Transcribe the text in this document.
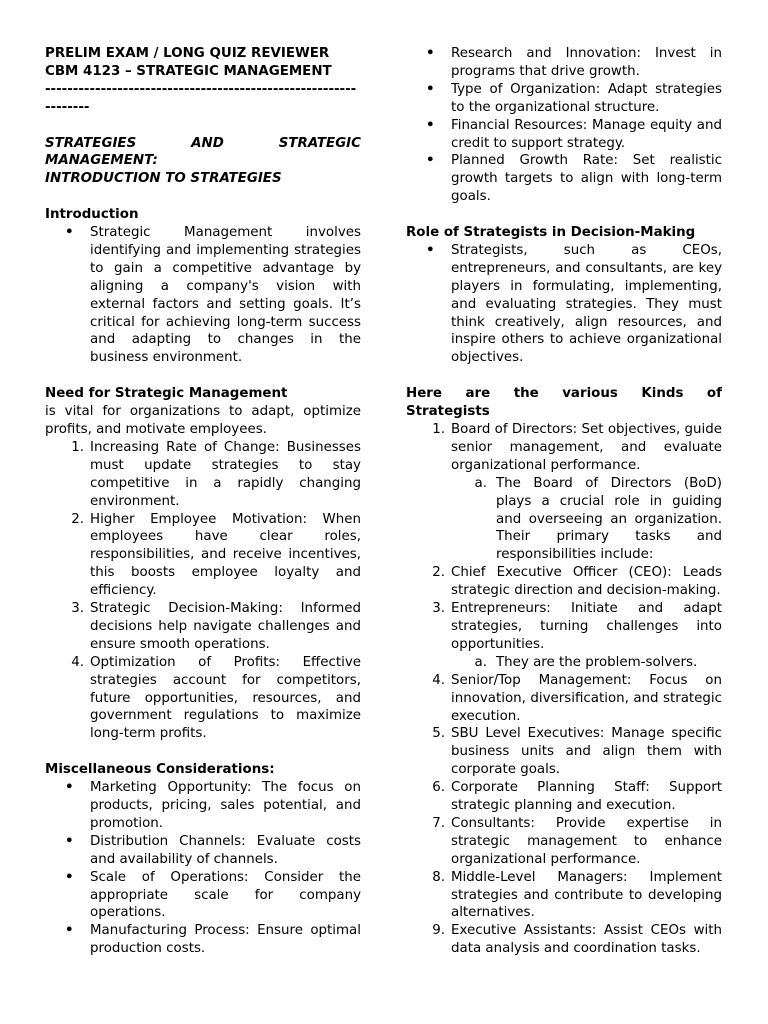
PRELIM EXAM / LONG QUIZ REVIEWER

CBM 4123 – STRATEGIC MANAGEMENT

----------------------------------------------------------------

STRATEGIES AND STRATEGIC MANAGEMENT:

INTRODUCTION TO STRATEGIES

Introduction

• Strategic Management involves identifying and implementing strategies to gain a competitive advantage by aligning a company's vision with external factors and setting goals. It’s critical for achieving long-term success and adapting to changes in the business environment.

Need for Strategic Management

is vital for organizations to adapt, optimize profits, and motivate employees.

1. Increasing Rate of Change: Businesses must update strategies to stay competitive in a rapidly changing environment.
2. Higher Employee Motivation: When employees have clear roles, responsibilities, and receive incentives, this boosts employee loyalty and efficiency.
3. Strategic Decision-Making: Informed decisions help navigate challenges and ensure smooth operations.
4. Optimization of Profits: Effective strategies account for competitors, future opportunities, resources, and government regulations to maximize long-term profits.

Miscellaneous Considerations:

• Marketing Opportunity: The focus on products, pricing, sales potential, and promotion.
• Distribution Channels: Evaluate costs and availability of channels.
• Scale of Operations: Consider the appropriate scale for company operations.
• Manufacturing Process: Ensure optimal production costs.
• Research and Innovation: Invest in programs that drive growth.
• Type of Organization: Adapt strategies to the organizational structure.
• Financial Resources: Manage equity and credit to support strategy.
• Planned Growth Rate: Set realistic growth targets to align with long-term goals.

Role of Strategists in Decision-Making

• Strategists, such as CEOs, entrepreneurs, and consultants, are key players in formulating, implementing, and evaluating strategies. They must think creatively, align resources, and inspire others to achieve organizational objectives.
Here are the various Kinds of

Strategists

1. Board of Directors: Set objectives, guide senior management, and evaluate organizational performance.
a. The Board of Directors (BoD) plays a crucial role in guiding and overseeing an organization. Their primary tasks and responsibilities include:
2. Chief Executive Officer (CEO): Leads strategic direction and decision-making.
3. Entrepreneurs: Initiate and adapt strategies, turning challenges into opportunities.
a. They are the problem-solvers.
4. Senior/Top Management: Focus on innovation, diversification, and strategic execution.
5. SBU Level Executives: Manage specific business units and align them with corporate goals.
6. Corporate Planning Staff: Support strategic planning and execution.
7. Consultants: Provide expertise in strategic management to enhance organizational performance.
8. Middle-Level Managers: Implement strategies and contribute to developing alternatives.
9. Executive Assistants: Assist CEOs with data analysis and coordination tasks.
